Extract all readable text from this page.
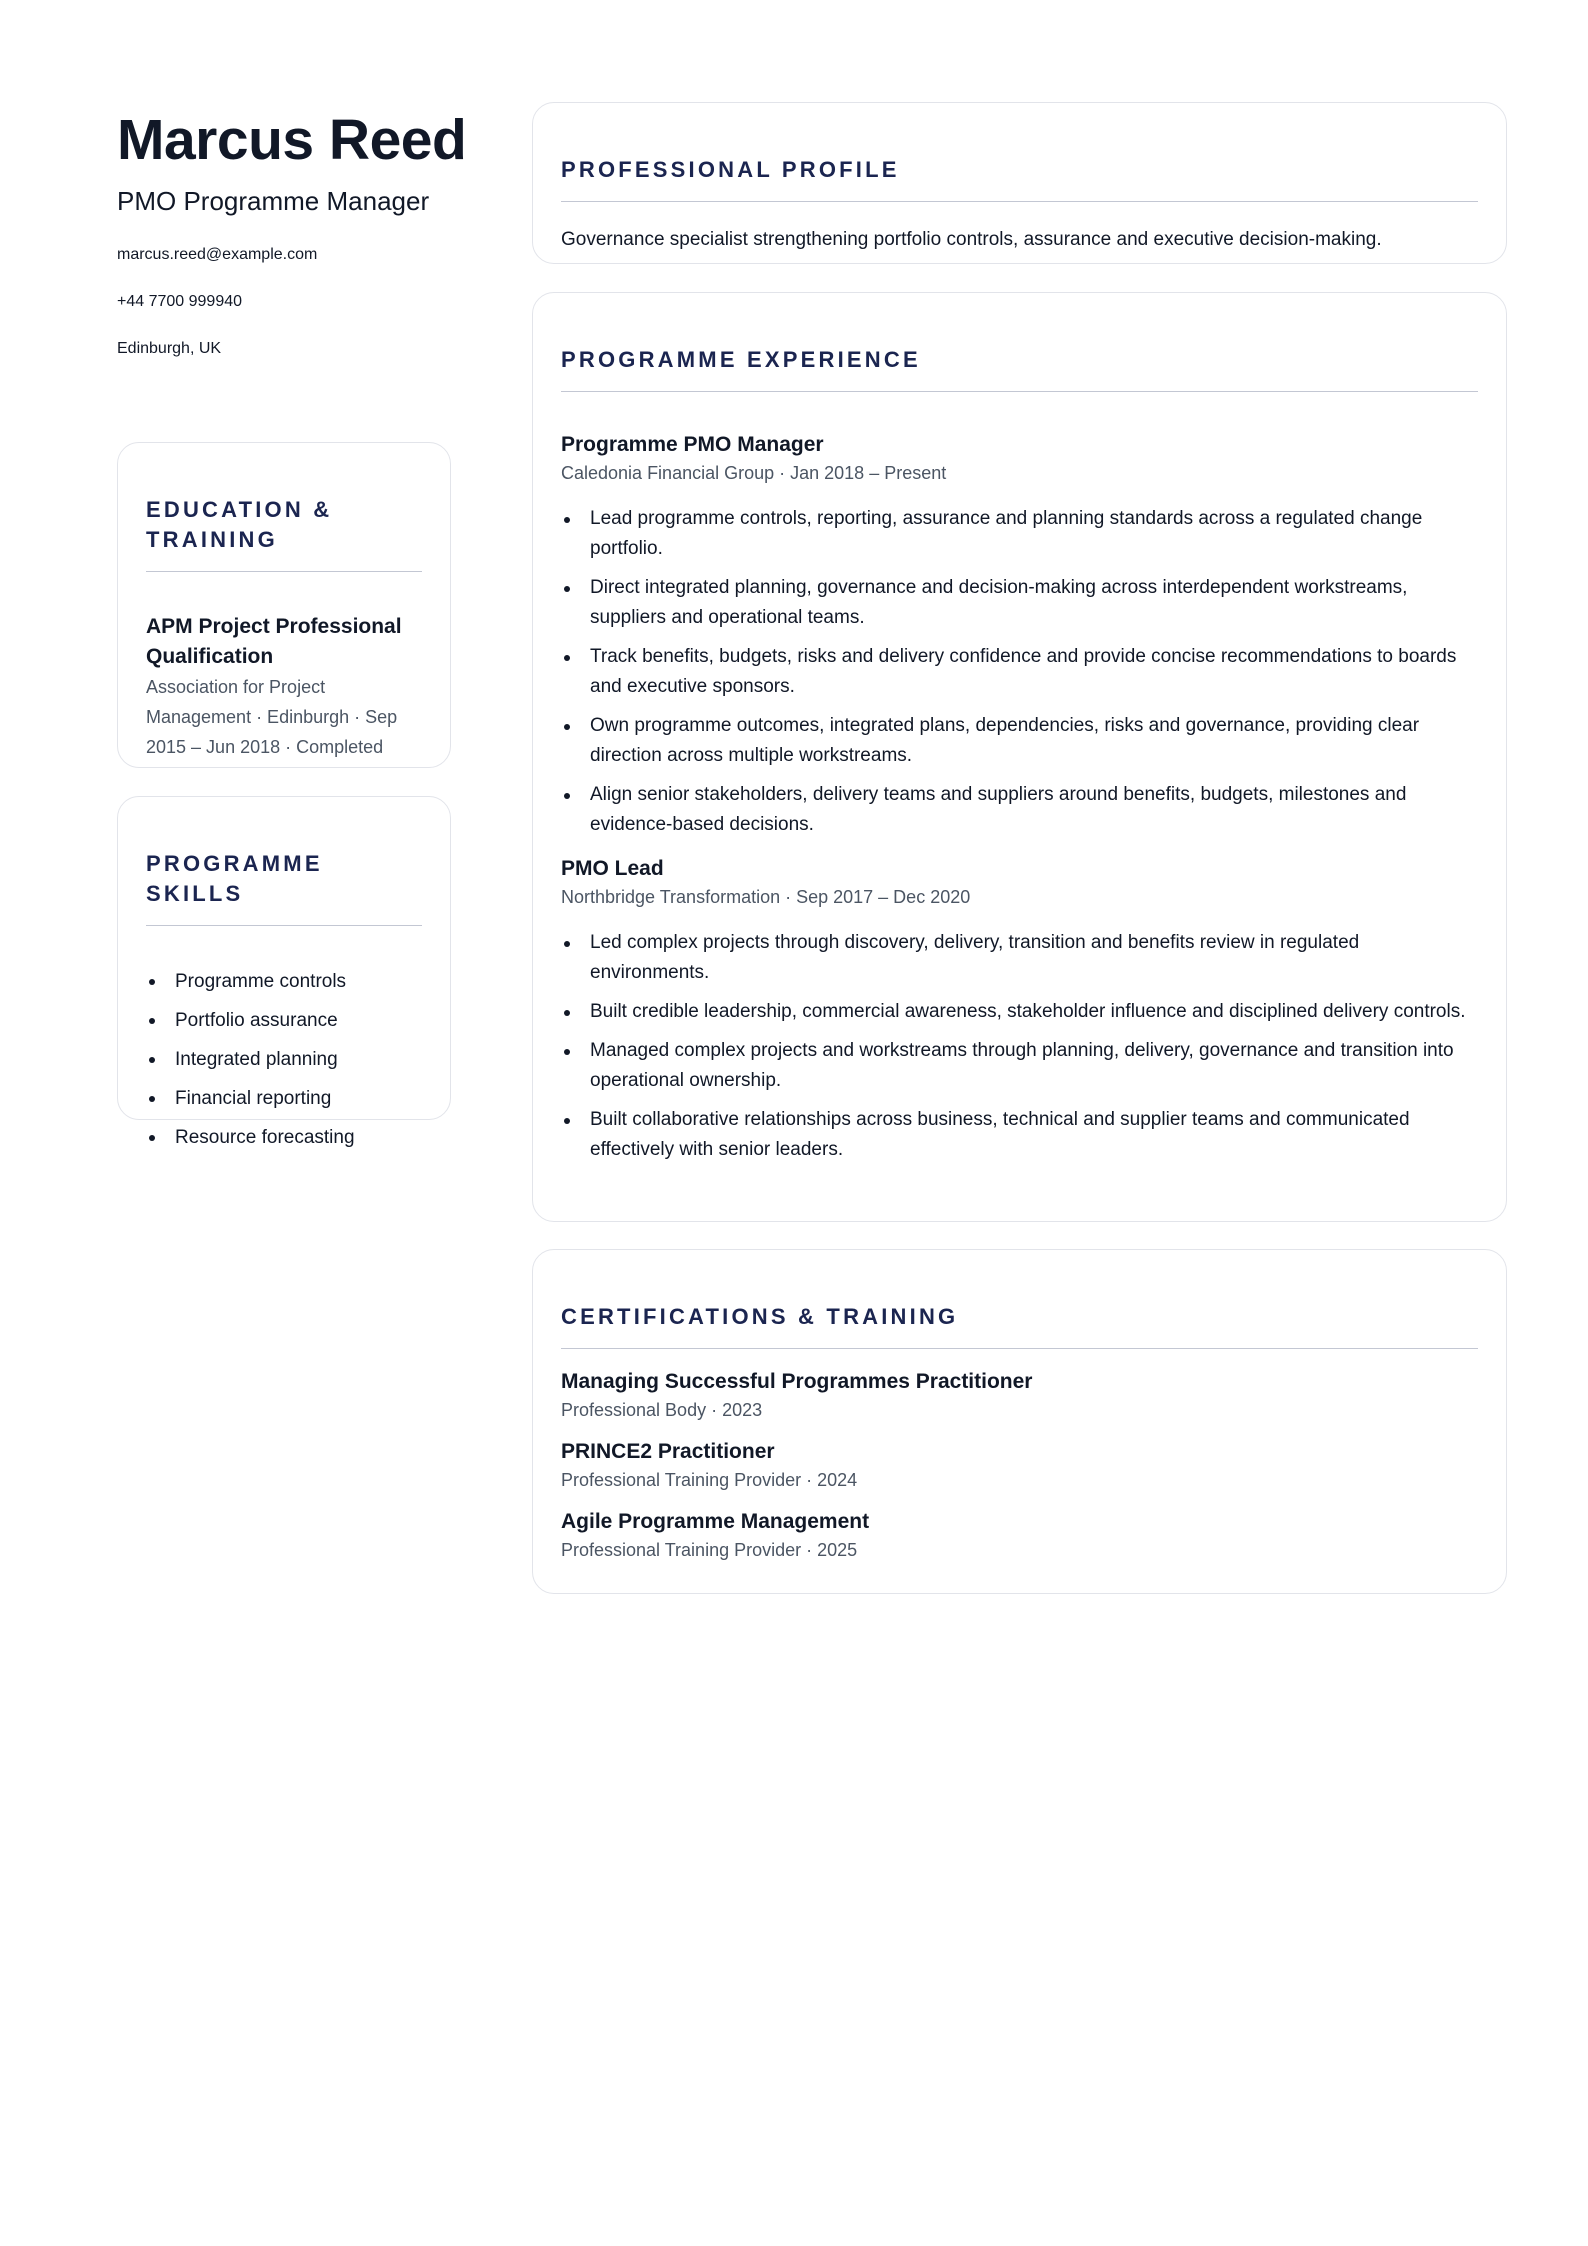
Marcus Reed

PMO Programme Manager

marcus.reed@example.com

+44 7700 999940

Edinburgh, UK

EDUCATION & TRAINING

APM Project Professional Qualification

Association for Project Management · Edinburgh · Sep 2015 – Jun 2018 · Completed

PROGRAMME SKILLS
Programme controls
Portfolio assurance
Integrated planning
Financial reporting
Resource forecasting
PROFESSIONAL PROFILE

Governance specialist strengthening portfolio controls, assurance and executive decision-making.

PROGRAMME EXPERIENCE

Programme PMO Manager

Caledonia Financial Group · Jan 2018 – Present

Lead programme controls, reporting, assurance and planning standards across a regulated change portfolio.
Direct integrated planning, governance and decision-making across interdependent workstreams, suppliers and operational teams.
Track benefits, budgets, risks and delivery confidence and provide concise recommendations to boards and executive sponsors.
Own programme outcomes, integrated plans, dependencies, risks and governance, providing clear direction across multiple workstreams.
Align senior stakeholders, delivery teams and suppliers around benefits, budgets, milestones and evidence-based decisions.

PMO Lead

Northbridge Transformation · Sep 2017 – Dec 2020

Led complex projects through discovery, delivery, transition and benefits review in regulated environments.
Built credible leadership, commercial awareness, stakeholder influence and disciplined delivery controls.
Managed complex projects and workstreams through planning, delivery, governance and transition into operational ownership.
Built collaborative relationships across business, technical and supplier teams and communicated effectively with senior leaders.
CERTIFICATIONS & TRAINING

Managing Successful Programmes Practitioner

Professional Body · 2023

PRINCE2 Practitioner

Professional Training Provider · 2024

Agile Programme Management

Professional Training Provider · 2025
